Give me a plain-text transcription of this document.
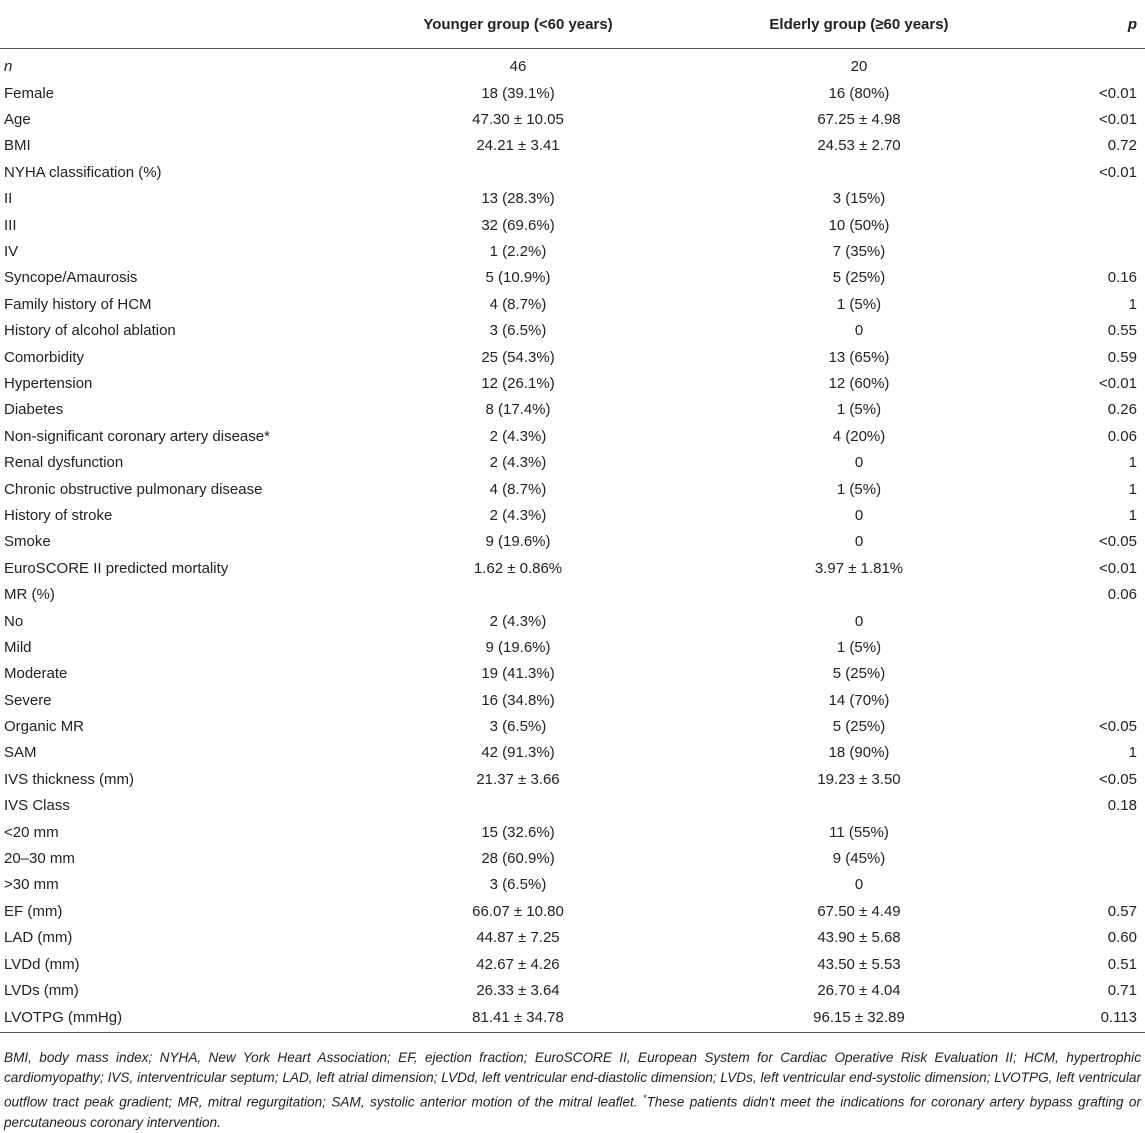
	Younger group (<60 years)	Elderly group (≥60 years)	p
n	46	20	
Female	18 (39.1%)	16 (80%)	<0.01
Age	47.30 ± 10.05	67.25 ± 4.98	<0.01
BMI	24.21 ± 3.41	24.53 ± 2.70	0.72
NYHA classification (%)			<0.01
II	13 (28.3%)	3 (15%)	
III	32 (69.6%)	10 (50%)	
IV	1 (2.2%)	7 (35%)	
Syncope/Amaurosis	5 (10.9%)	5 (25%)	0.16
Family history of HCM	4 (8.7%)	1 (5%)	1
History of alcohol ablation	3 (6.5%)	0	0.55
Comorbidity	25 (54.3%)	13 (65%)	0.59
Hypertension	12 (26.1%)	12 (60%)	<0.01
Diabetes	8 (17.4%)	1 (5%)	0.26
Non-significant coronary artery disease*	2 (4.3%)	4 (20%)	0.06
Renal dysfunction	2 (4.3%)	0	1
Chronic obstructive pulmonary disease	4 (8.7%)	1 (5%)	1
History of stroke	2 (4.3%)	0	1
Smoke	9 (19.6%)	0	<0.05
EuroSCORE II predicted mortality	1.62 ± 0.86%	3.97 ± 1.81%	<0.01
MR (%)			0.06
No	2 (4.3%)	0	
Mild	9 (19.6%)	1 (5%)	
Moderate	19 (41.3%)	5 (25%)	
Severe	16 (34.8%)	14 (70%)	
Organic MR	3 (6.5%)	5 (25%)	<0.05
SAM	42 (91.3%)	18 (90%)	1
IVS thickness (mm)	21.37 ± 3.66	19.23 ± 3.50	<0.05
IVS Class			0.18
<20 mm	15 (32.6%)	11 (55%)	
20–30 mm	28 (60.9%)	9 (45%)	
>30 mm	3 (6.5%)	0	
EF (mm)	66.07 ± 10.80	67.50 ± 4.49	0.57
LAD (mm)	44.87 ± 7.25	43.90 ± 5.68	0.60
LVDd (mm)	42.67 ± 4.26	43.50 ± 5.53	0.51
LVDs (mm)	26.33 ± 3.64	26.70 ± 4.04	0.71
LVOTPG (mmHg)	81.41 ± 34.78	96.15 ± 32.89	0.113
BMI, body mass index; NYHA, New York Heart Association; EF, ejection fraction; EuroSCORE II, European System for Cardiac Operative Risk Evaluation II; HCM, hypertrophic cardiomyopathy; IVS, interventricular septum; LAD, left atrial dimension; LVDd, left ventricular end-diastolic dimension; LVDs, left ventricular end-systolic dimension; LVOTPG, left ventricular outflow tract peak gradient; MR, mitral regurgitation; SAM, systolic anterior motion of the mitral leaflet. *These patients didn't meet the indications for coronary artery bypass grafting or percutaneous coronary intervention.
